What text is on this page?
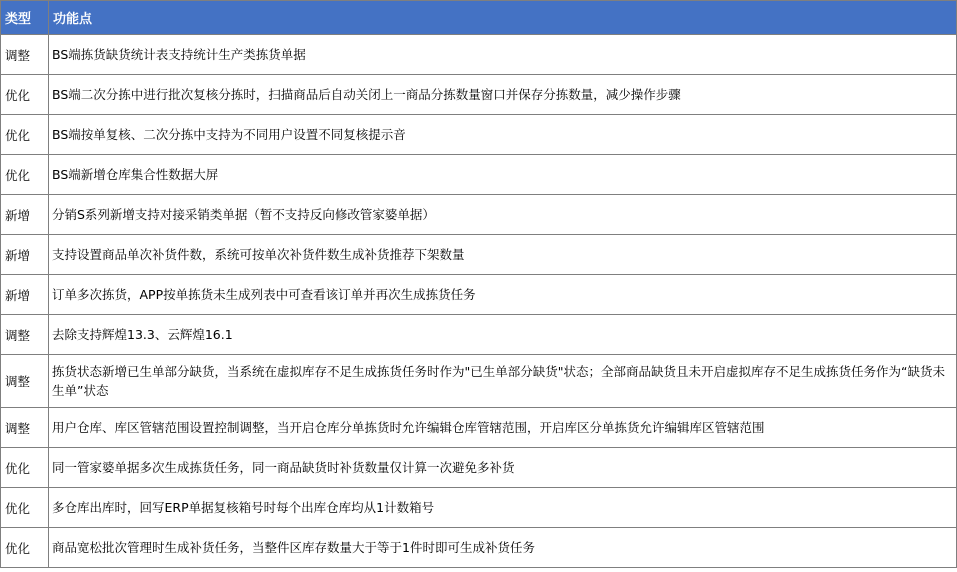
类型	功能点
调整	BS端拣货缺货统计表支持统计生产类拣货单据
优化	BS端二次分拣中进行批次复核分拣时，扫描商品后自动关闭上一商品分拣数量窗口并保存分拣数量，减少操作步骤
优化	BS端按单复核、二次分拣中支持为不同用户设置不同复核提示音
优化	BS端新增仓库集合性数据大屏
新增	分销S系列新增支持对接采销类单据（暂不支持反向修改管家婆单据）
新增	支持设置商品单次补货件数，系统可按单次补货件数生成补货推荐下架数量
新增	订单多次拣货，APP按单拣货未生成列表中可查看该订单并再次生成拣货任务
调整	去除支持辉煌13.3、云辉煌16.1
调整	拣货状态新增已生单部分缺货，当系统在虚拟库存不足生成拣货任务时作为"已生单部分缺货"状态；全部商品缺货且未开启虚拟库存不足生成拣货任务作为“缺货未生单”状态
调整	用户仓库、库区管辖范围设置控制调整，当开启仓库分单拣货时允许编辑仓库管辖范围，开启库区分单拣货允许编辑库区管辖范围
优化	同一管家婆单据多次生成拣货任务，同一商品缺货时补货数量仅计算一次避免多补货
优化	多仓库出库时，回写ERP单据复核箱号时每个出库仓库均从1计数箱号
优化	商品宽松批次管理时生成补货任务，当整件区库存数量大于等于1件时即可生成补货任务
